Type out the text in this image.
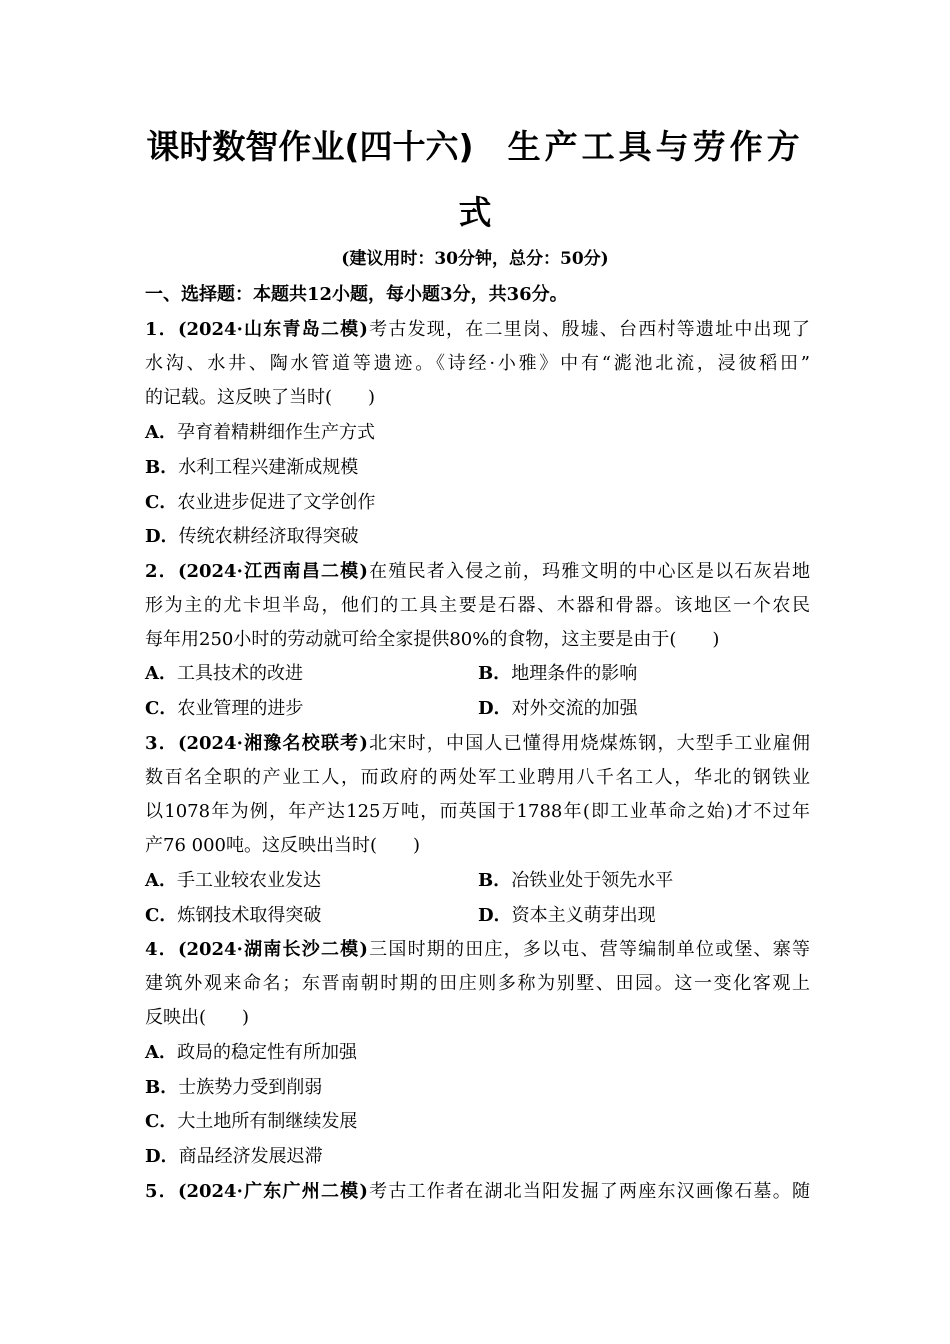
课时数智作业(四十六) 生产工具与劳作方
式
(建议用时：30分钟，总分：50分)
一、选择题：本题共12小题，每小题3分，共36分。
1．(2024·山东青岛二模)考古发现，在二里岗、殷墟、台西村等遗址中出现了
水沟、水井、陶水管道等遗迹。《诗经·小雅》中有“滮池北流，浸彼稻田”
的记载。这反映了当时(　　)
A．孕育着精耕细作生产方式
B．水利工程兴建渐成规模
C．农业进步促进了文学创作
D．传统农耕经济取得突破
2．(2024·江西南昌二模)在殖民者入侵之前，玛雅文明的中心区是以石灰岩地
形为主的尤卡坦半岛，他们的工具主要是石器、木器和骨器。该地区一个农民
每年用250小时的劳动就可给全家提供80%的食物，这主要是由于(　　)
A．工具技术的改进	B．地理条件的影响
C．农业管理的进步	D．对外交流的加强
3．(2024·湘豫名校联考)北宋时，中国人已懂得用烧煤炼钢，大型手工业雇佣
数百名全职的产业工人，而政府的两处军工业聘用八千名工人，华北的钢铁业
以1078年为例，年产达125万吨，而英国于1788年(即工业革命之始)才不过年
产76 000吨。这反映出当时(　　)
A．手工业较农业发达	B．冶铁业处于领先水平
C．炼钢技术取得突破	D．资本主义萌芽出现
4．(2024·湖南长沙二模)三国时期的田庄，多以屯、营等编制单位或堡、寨等
建筑外观来命名；东晋南朝时期的田庄则多称为别墅、田园。这一变化客观上
反映出(　　)
A．政局的稳定性有所加强
B．士族势力受到削弱
C．大土地所有制继续发展
D．商品经济发展迟滞
5．(2024·广东广州二模)考古工作者在湖北当阳发掘了两座东汉画像石墓。随
